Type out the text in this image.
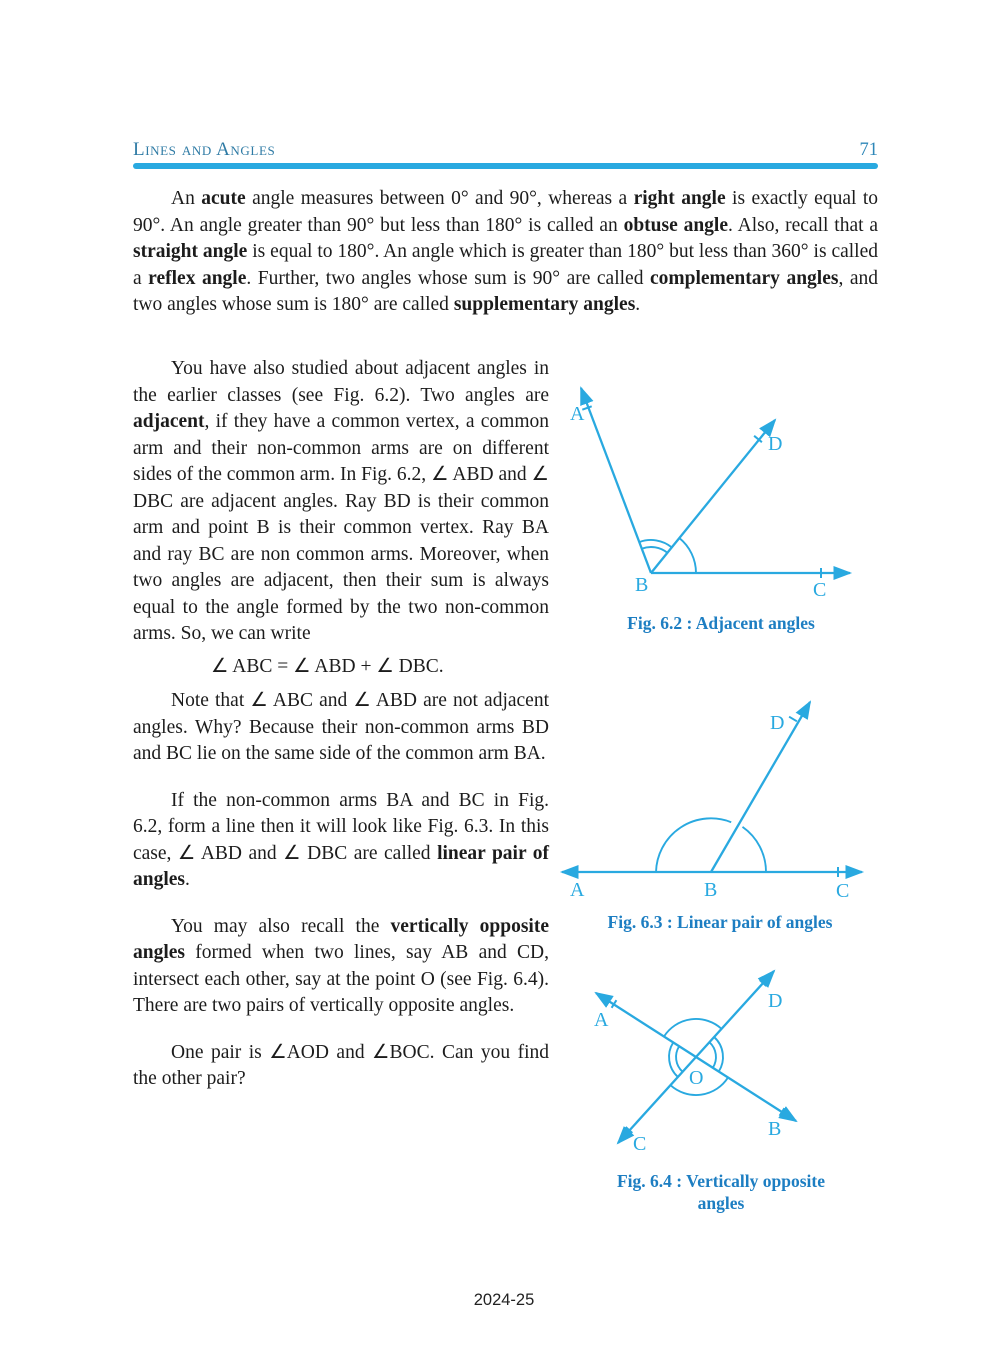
Lines and Angles	71

An acute angle measures between 0° and 90°, whereas a right angle is exactly equal to 90°. An angle greater than 90° but less than 180° is called an obtuse angle. Also, recall that a straight angle is equal to 180°. An angle which is greater than 180° but less than 360° is called a reflex angle. Further, two angles whose sum is 90° are called complementary angles, and two angles whose sum is 180° are called supplementary angles.

You have also studied about adjacent angles in the earlier classes (see Fig. 6.2). Two angles are adjacent, if they have a common vertex, a common arm and their non-common arms are on different sides of the common arm. In Fig. 6.2, ∠ ABD and ∠ DBC are adjacent angles. Ray BD is their common arm and point B is their common vertex. Ray BA and ray BC are non common arms. Moreover, when two angles are adjacent, then their sum is always equal to the angle formed by the two non-common arms. So, we can write

∠ ABC = ∠ ABD + ∠ DBC.

Note that ∠ ABC and ∠ ABD are not adjacent angles. Why? Because their non-common arms BD and BC lie on the same side of the common arm BA.

If the non-common arms BA and BC in Fig. 6.2, form a line then it will look like Fig. 6.3. In this case, ∠ ABD and ∠ DBC are called linear pair of angles.

You may also recall the vertically opposite angles formed when two lines, say AB and CD, intersect each other, say at the point O (see Fig. 6.4). There are two pairs of vertically opposite angles.

One pair is ∠AOD and ∠BOC. Can you find the other pair?

A
D
B	C
Fig. 6.2 : Adjacent angles
A	B	C
D
Fig. 6.3 : Linear pair of angles
A
D
B
C
O
Fig. 6.4 : Vertically opposite
angles
2024-25
